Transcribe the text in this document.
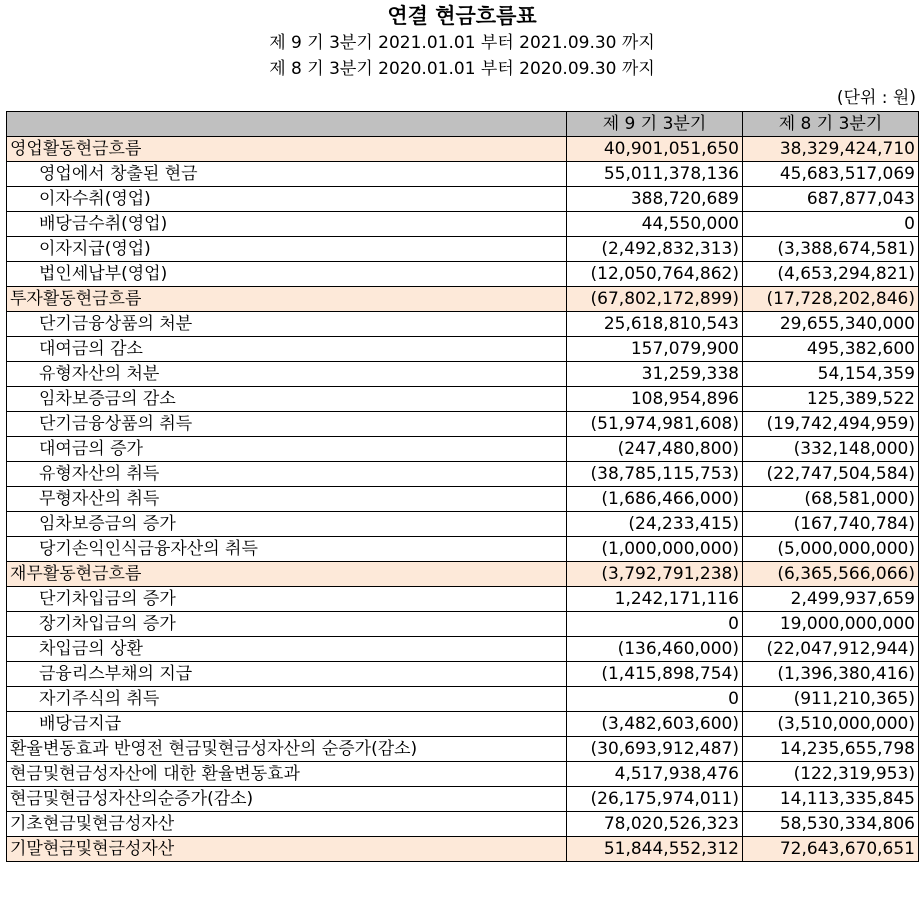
연결 현금흐름표
제 9 기 3분기 2021.01.01 부터 2021.09.30 까지
제 8 기 3분기 2020.01.01 부터 2020.09.30 까지
(단위 : 원)
	제 9 기 3분기	제 8 기 3분기
영업활동현금흐름	40,901,051,650	38,329,424,710
영업에서 창출된 현금	55,011,378,136	45,683,517,069
이자수취(영업)	388,720,689	687,877,043
배당금수취(영업)	44,550,000	0
이자지급(영업)	(2,492,832,313)	(3,388,674,581)
법인세납부(영업)	(12,050,764,862)	(4,653,294,821)
투자활동현금흐름	(67,802,172,899)	(17,728,202,846)
단기금융상품의 처분	25,618,810,543	29,655,340,000
대여금의 감소	157,079,900	495,382,600
유형자산의 처분	31,259,338	54,154,359
임차보증금의 감소	108,954,896	125,389,522
단기금융상품의 취득	(51,974,981,608)	(19,742,494,959)
대여금의 증가	(247,480,800)	(332,148,000)
유형자산의 취득	(38,785,115,753)	(22,747,504,584)
무형자산의 취득	(1,686,466,000)	(68,581,000)
임차보증금의 증가	(24,233,415)	(167,740,784)
당기손익인식금융자산의 취득	(1,000,000,000)	(5,000,000,000)
재무활동현금흐름	(3,792,791,238)	(6,365,566,066)
단기차입금의 증가	1,242,171,116	2,499,937,659
장기차입금의 증가	0	19,000,000,000
차입금의 상환	(136,460,000)	(22,047,912,944)
금융리스부채의 지급	(1,415,898,754)	(1,396,380,416)
자기주식의 취득	0	(911,210,365)
배당금지급	(3,482,603,600)	(3,510,000,000)
환율변동효과 반영전 현금및현금성자산의 순증가(감소)	(30,693,912,487)	14,235,655,798
현금및현금성자산에 대한 환율변동효과	4,517,938,476	(122,319,953)
현금및현금성자산의순증가(감소)	(26,175,974,011)	14,113,335,845
기초현금및현금성자산	78,020,526,323	58,530,334,806
기말현금및현금성자산	51,844,552,312	72,643,670,651
